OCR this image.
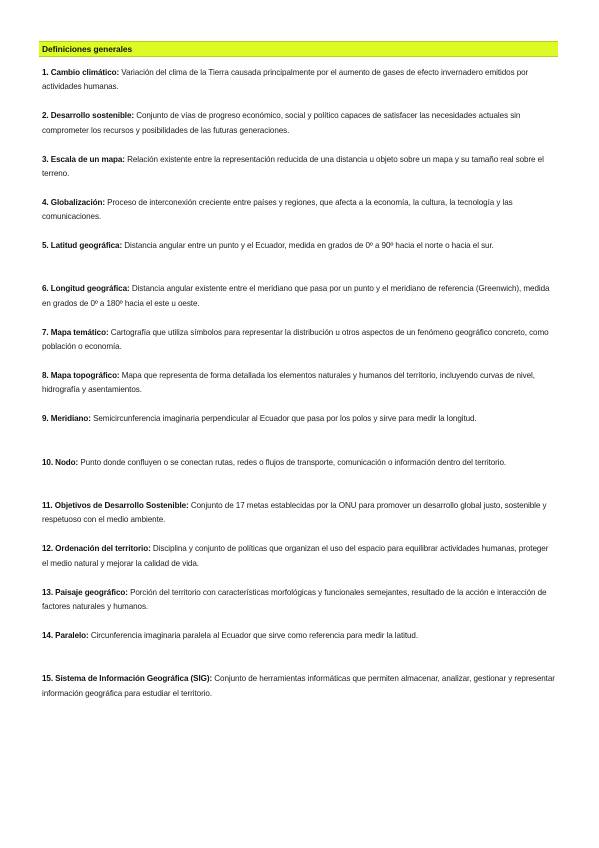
Definiciones generales
1. Cambio climático: Variación del clima de la Tierra causada principalmente por el aumento de gases de efecto invernadero emitidos por actividades humanas.
2. Desarrollo sostenible: Conjunto de vías de progreso económico, social y político capaces de satisfacer las necesidades actuales sin comprometer los recursos y posibilidades de las futuras generaciones.
3. Escala de un mapa: Relación existente entre la representación reducida de una distancia u objeto sobre un mapa y su tamaño real sobre el terreno.
4. Globalización: Proceso de interconexión creciente entre países y regiones, que afecta a la economía, la cultura, la tecnología y las comunicaciones.
5. Latitud geográfica: Distancia angular entre un punto y el Ecuador, medida en grados de 0º a 90º hacia el norte o hacia el sur.
6. Longitud geográfica: Distancia angular existente entre el meridiano que pasa por un punto y el meridiano de referencia (Greenwich), medida en grados de 0º a 180º hacia el este u oeste.
7. Mapa temático: Cartografía que utiliza símbolos para representar la distribución u otros aspectos de un fenómeno geográfico concreto, como población o economía.
8. Mapa topográfico: Mapa que representa de forma detallada los elementos naturales y humanos del territorio, incluyendo curvas de nivel, hidrografía y asentamientos.
9. Meridiano: Semicircunferencia imaginaria perpendicular al Ecuador que pasa por los polos y sirve para medir la longitud.
10. Nodo: Punto donde confluyen o se conectan rutas, redes o flujos de transporte, comunicación o información dentro del territorio.
11. Objetivos de Desarrollo Sostenible: Conjunto de 17 metas establecidas por la ONU para promover un desarrollo global justo, sostenible y respetuoso con el medio ambiente.
12. Ordenación del territorio: Disciplina y conjunto de políticas que organizan el uso del espacio para equilibrar actividades humanas, proteger el medio natural y mejorar la calidad de vida.
13. Paisaje geográfico: Porción del territorio con características morfológicas y funcionales semejantes, resultado de la acción e interacción de factores naturales y humanos.
14. Paralelo: Circunferencia imaginaria paralela al Ecuador que sirve como referencia para medir la latitud.
15. Sistema de Información Geográfica (SIG): Conjunto de herramientas informáticas que permiten almacenar, analizar, gestionar y representar información geográfica para estudiar el territorio.
